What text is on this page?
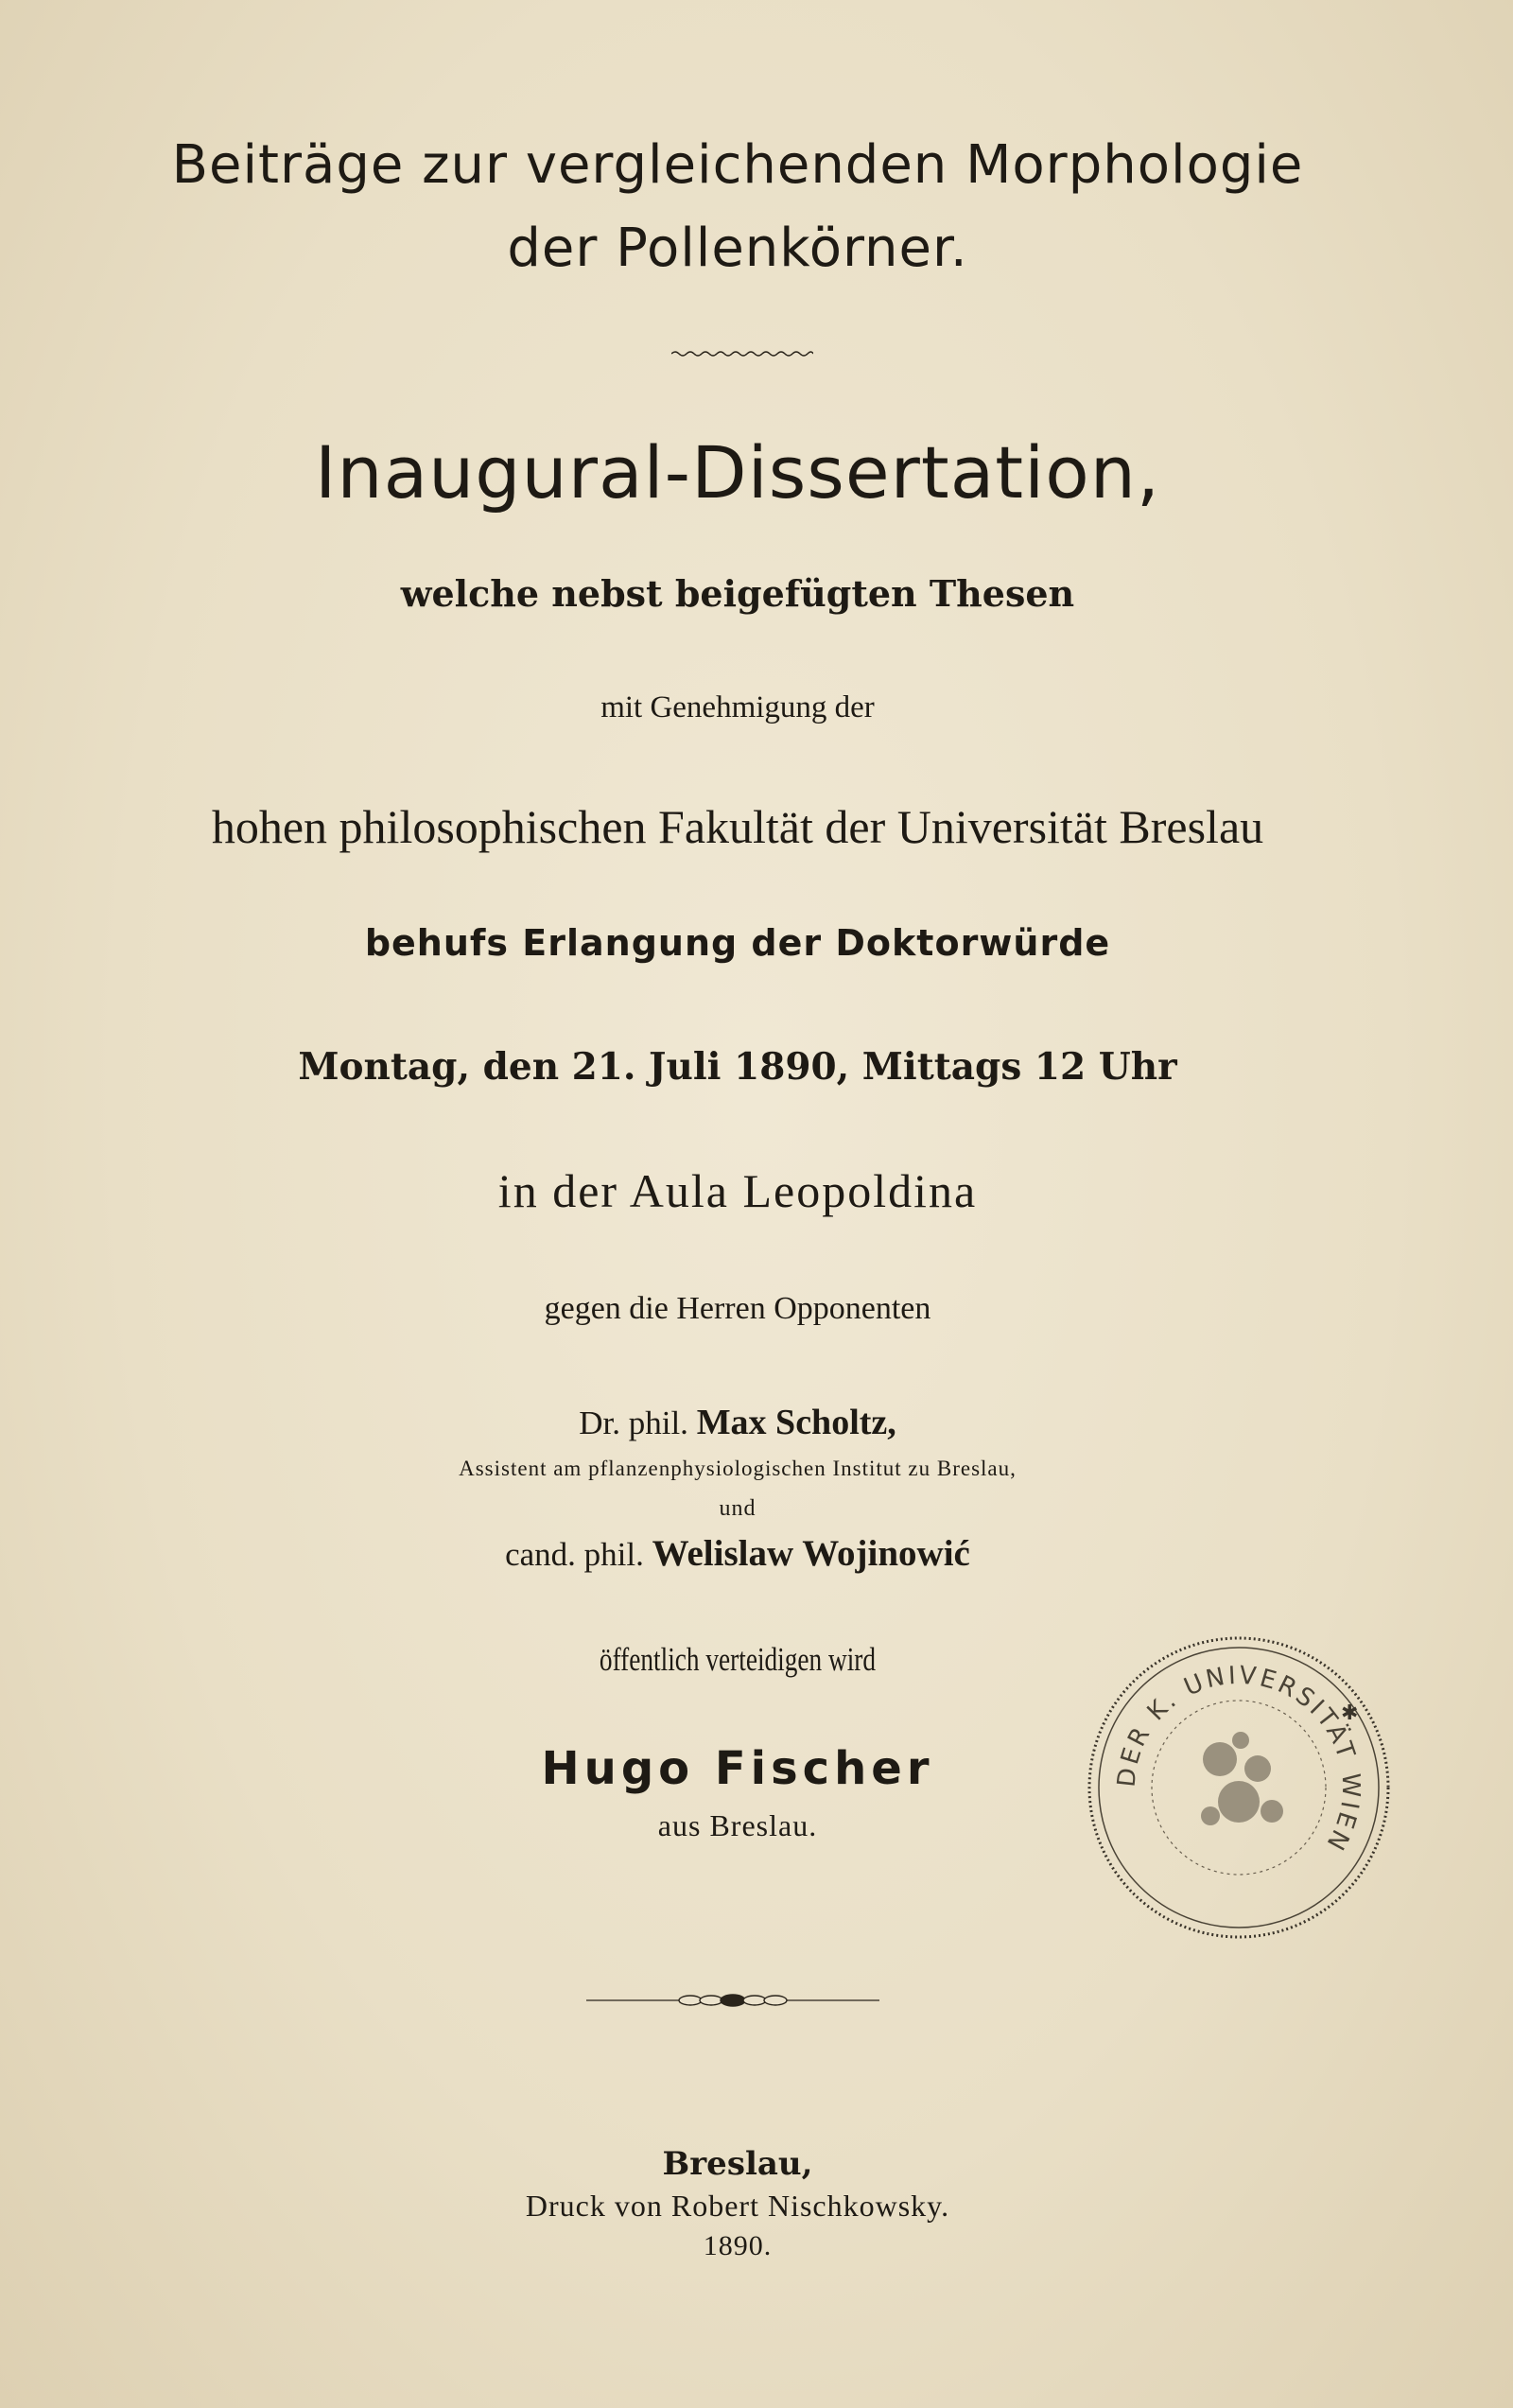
Beiträge zur vergleichenden Morphologie
der Pollenkörner.
Inaugural-Dissertation,
welche nebst beigefügten Thesen
mit Genehmigung der
hohen philosophischen Fakultät der Universität Breslau
behufs Erlangung der Doktorwürde
Montag, den 21. Juli 1890, Mittags 12 Uhr
in der Aula Leopoldina
gegen die Herren Opponenten
Dr. phil. Max Scholtz,
Assistent am pflanzenphysiologischen Institut zu Breslau,
und
cand. phil. Welislaw Wojinowić
öffentlich verteidigen wird
Hugo Fischer
aus Breslau.
Breslau,
Druck von Robert Nischkowsky.
1890.
DER K. UNIVERSITÄT WIEN
✱
